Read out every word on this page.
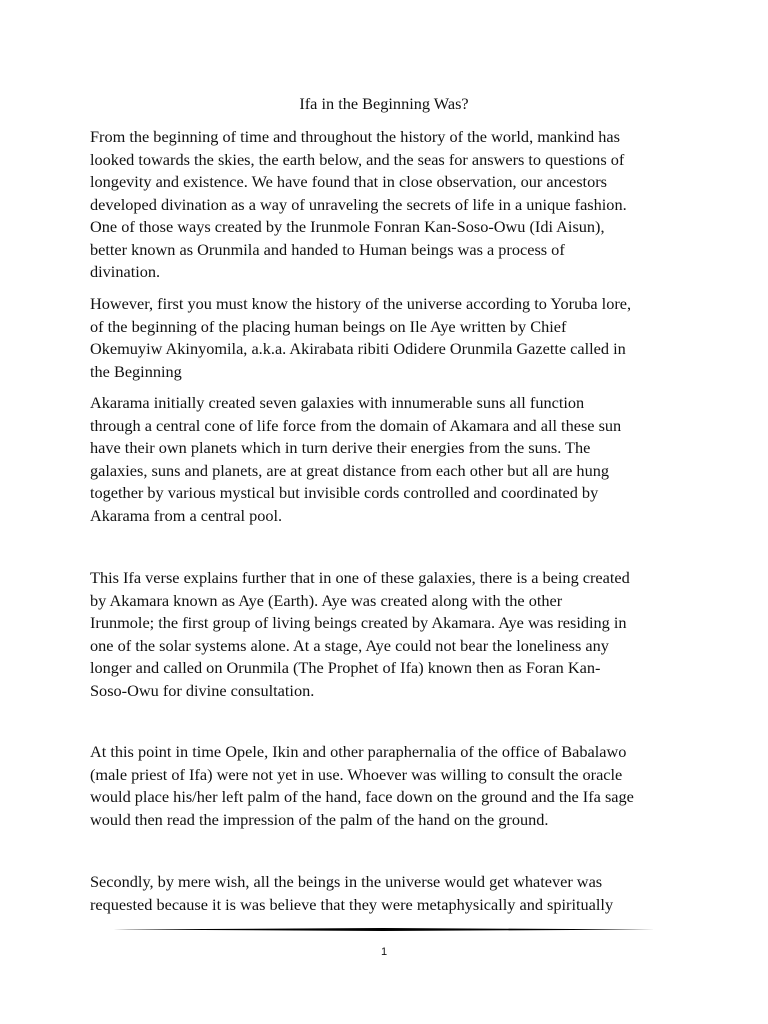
Ifa in the Beginning Was?

From the beginning of time and throughout the history of the world, mankind has
looked towards the skies, the earth below, and the seas for answers to questions of
longevity and existence. We have found that in close observation, our ancestors
developed divination as a way of unraveling the secrets of life in a unique fashion.
One of those ways created by the Irunmole Fonran Kan-Soso-Owu (Idi Aisun),
better known as Orunmila and handed to Human beings was a process of
divination.

However, first you must know the history of the universe according to Yoruba lore,
of the beginning of the placing human beings on Ile Aye written by Chief
Okemuyiw Akinyomila, a.k.a. Akirabata ribiti Odidere Orunmila Gazette called in
the Beginning

Akarama initially created seven galaxies with innumerable suns all function
through a central cone of life force from the domain of Akamara and all these sun
have their own planets which in turn derive their energies from the suns. The
galaxies, suns and planets, are at great distance from each other but all are hung
together by various mystical but invisible cords controlled and coordinated by
Akarama from a central pool.

This Ifa verse explains further that in one of these galaxies, there is a being created
by Akamara known as Aye (Earth). Aye was created along with the other
Irunmole; the first group of living beings created by Akamara. Aye was residing in
one of the solar systems alone. At a stage, Aye could not bear the loneliness any
longer and called on Orunmila (The Prophet of Ifa) known then as Foran Kan-
Soso-Owu for divine consultation.

At this point in time Opele, Ikin and other paraphernalia of the office of Babalawo
(male priest of Ifa) were not yet in use. Whoever was willing to consult the oracle
would place his/her left palm of the hand, face down on the ground and the Ifa sage
would then read the impression of the palm of the hand on the ground.

Secondly, by mere wish, all the beings in the universe would get whatever was
requested because it is was believe that they were metaphysically and spiritually

1
